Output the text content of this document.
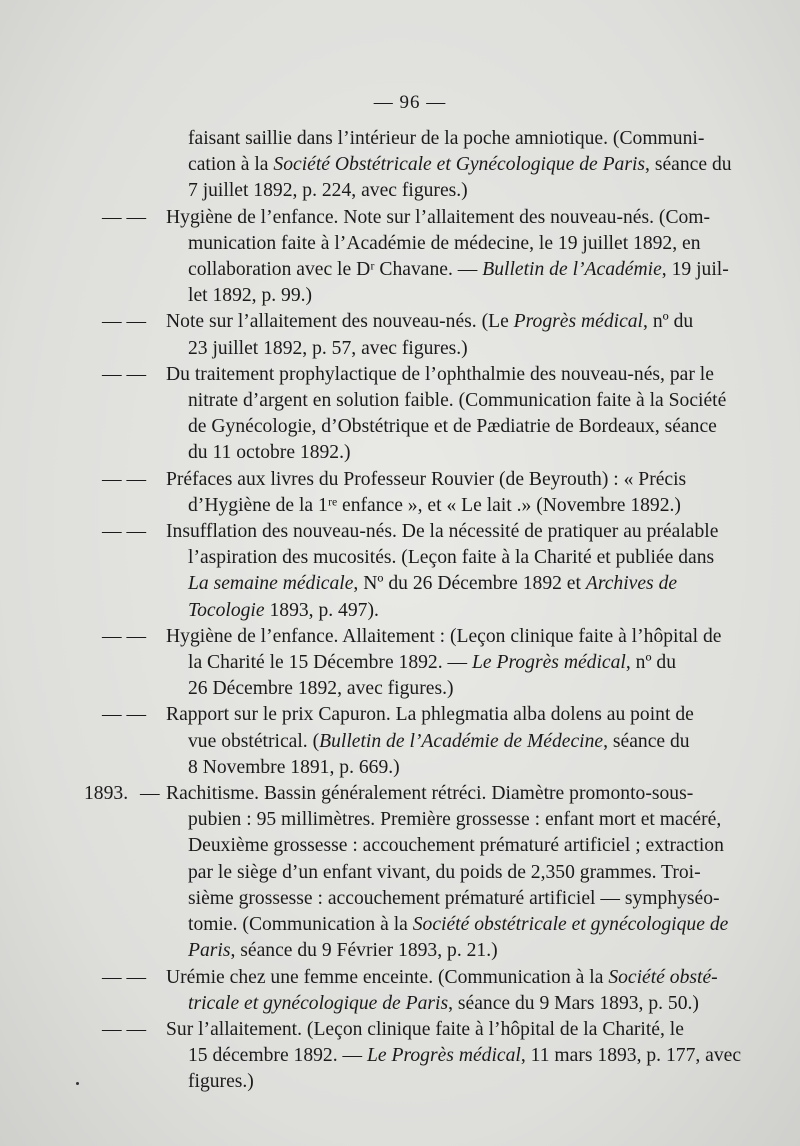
— 96 —
faisant saillie dans l’intérieur de la poche amniotique. (Communi-
cation à la Société Obstétricale et Gynécologique de Paris, séance du
7 juillet 1892, p. 224, avec figures.)
— —	Hygiène de l’enfance. Note sur l’allaitement des nouveau-nés. (Com-
munication faite à l’Académie de médecine, le 19 juillet 1892, en
collaboration avec le Dʳ Chavane. — Bulletin de l’Académie, 19 juil-
let 1892, p. 99.)
— —	Note sur l’allaitement des nouveau-nés. (Le Progrès médical, nº du
23 juillet 1892, p. 57, avec figures.)
— —	Du traitement prophylactique de l’ophthalmie des nouveau-nés, par le
nitrate d’argent en solution faible. (Communication faite à la Société
de Gynécologie, d’Obstétrique et de Pædiatrie de Bordeaux, séance
du 11 octobre 1892.)
— —	Préfaces aux livres du Professeur Rouvier (de Beyrouth) : « Précis
d’Hygiène de la 1ʳᵉ enfance », et « Le lait .» (Novembre 1892.)
— —	Insufflation des nouveau-nés. De la nécessité de pratiquer au préalable
l’aspiration des mucosités. (Leçon faite à la Charité et publiée dans
La semaine médicale, Nº du 26 Décembre 1892 et Archives de
Tocologie 1893, p. 497).
— —	Hygiène de l’enfance. Allaitement : (Leçon clinique faite à l’hôpital de
la Charité le 15 Décembre 1892. — Le Progrès médical, nº du
26 Décembre 1892, avec figures.)
— —	Rapport sur le prix Capuron. La phlegmatia alba dolens au point de
vue obstétrical. (Bulletin de l’Académie de Médecine, séance du
8 Novembre 1891, p. 669.)
1893. — Rachitisme. Bassin généralement rétréci. Diamètre promonto-sous-
pubien : 95 millimètres. Première grossesse : enfant mort et macéré,
Deuxième grossesse : accouchement prématuré artificiel ; extraction
par le siège d’un enfant vivant, du poids de 2,350 grammes. Troi-
sième grossesse : accouchement prématuré artificiel — symphyséo-
tomie. (Communication à la Société obstétricale et gynécologique de
Paris, séance du 9 Février 1893, p. 21.)
— —	Urémie chez une femme enceinte. (Communication à la Société obsté-
tricale et gynécologique de Paris, séance du 9 Mars 1893, p. 50.)
— —	Sur l’allaitement. (Leçon clinique faite à l’hôpital de la Charité, le
15 décembre 1892. — Le Progrès médical, 11 mars 1893, p. 177, avec
figures.)
